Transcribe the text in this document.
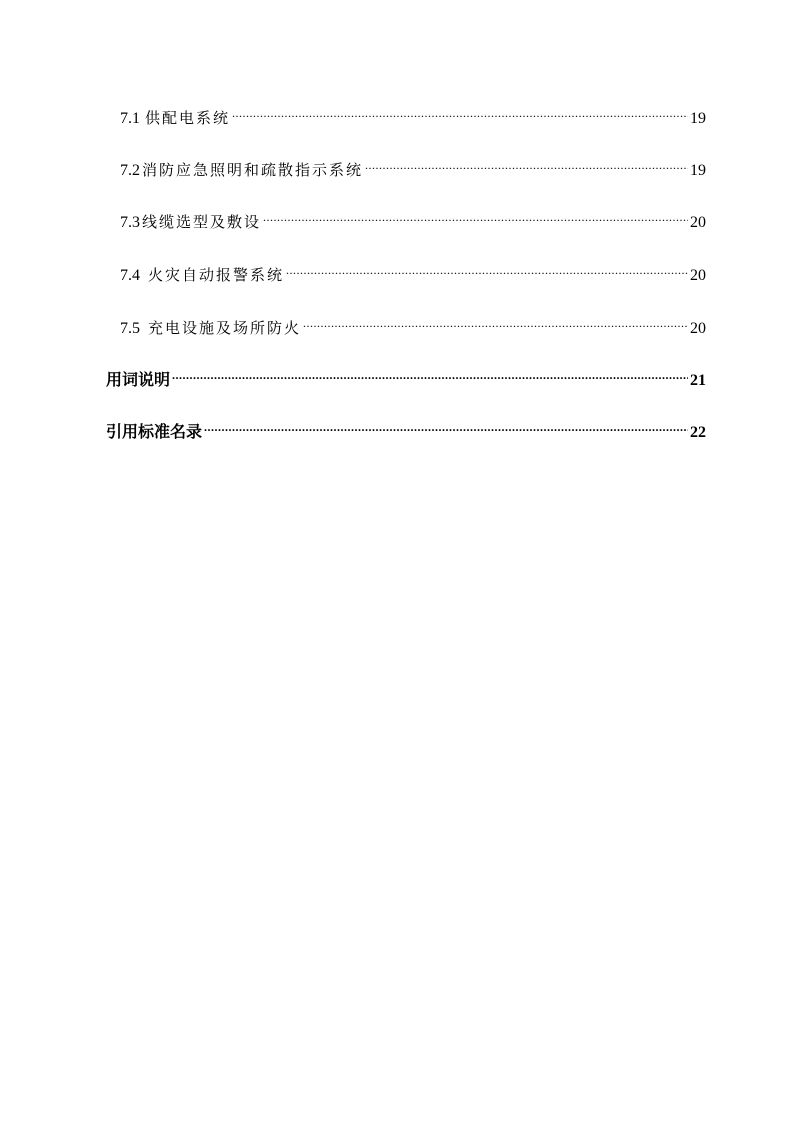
7.1 供配电系统 .....	19
7.2 消防应急照明和疏散指示系统 .....	19
7.3 线缆选型及敷设 .....	20
7.4 火灾自动报警系统 .....	20
7.5 充电设施及场所防火 .....	20
用词说明 .....	21
引用标准名录 .....	22
